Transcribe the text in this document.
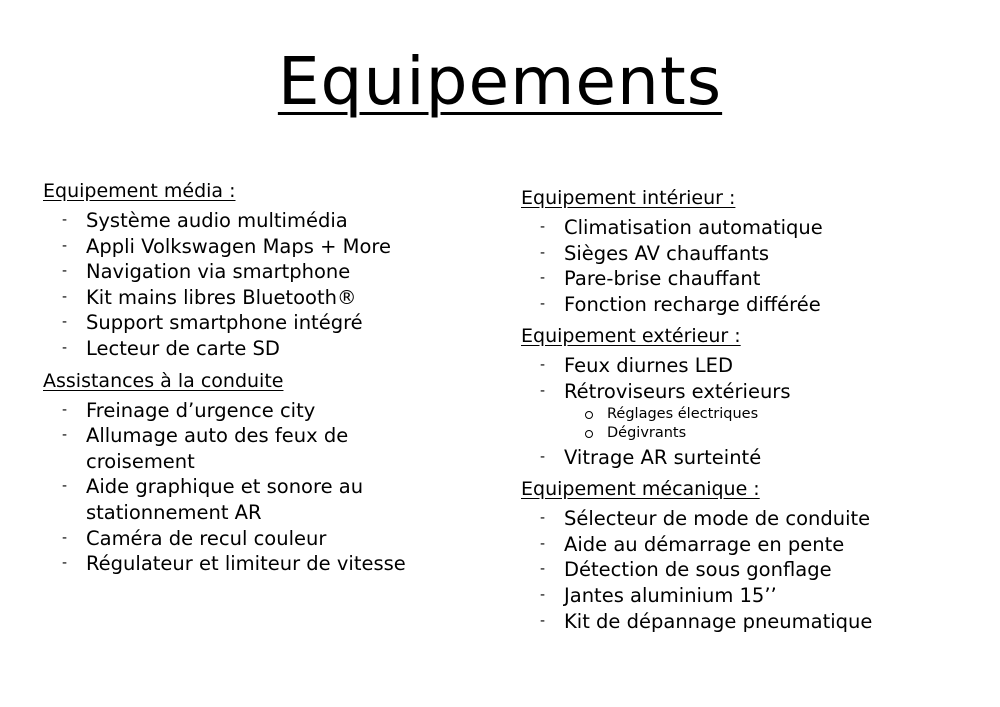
Equipements
Equipement média :
- Système audio multimédia
- Appli Volkswagen Maps + More
- Navigation via smartphone
- Kit mains libres Bluetooth®
- Support smartphone intégré
- Lecteur de carte SD
Assistances à la conduite
- Freinage d’urgence city
- Allumage auto des feux de
croisement
- Aide graphique et sonore au
stationnement AR
- Caméra de recul couleur
- Régulateur et limiteur de vitesse
Equipement intérieur :
- Climatisation automatique
- Sièges AV chauffants
- Pare-brise chauffant
- Fonction recharge différée
Equipement extérieur :
- Feux diurnes LED
- Rétroviseurs extérieurs
Réglages électriques
Dégivrants
- Vitrage AR surteinté
Equipement mécanique :
- Sélecteur de mode de conduite
- Aide au démarrage en pente
- Détection de sous gonflage
- Jantes aluminium 15’’
- Kit de dépannage pneumatique
